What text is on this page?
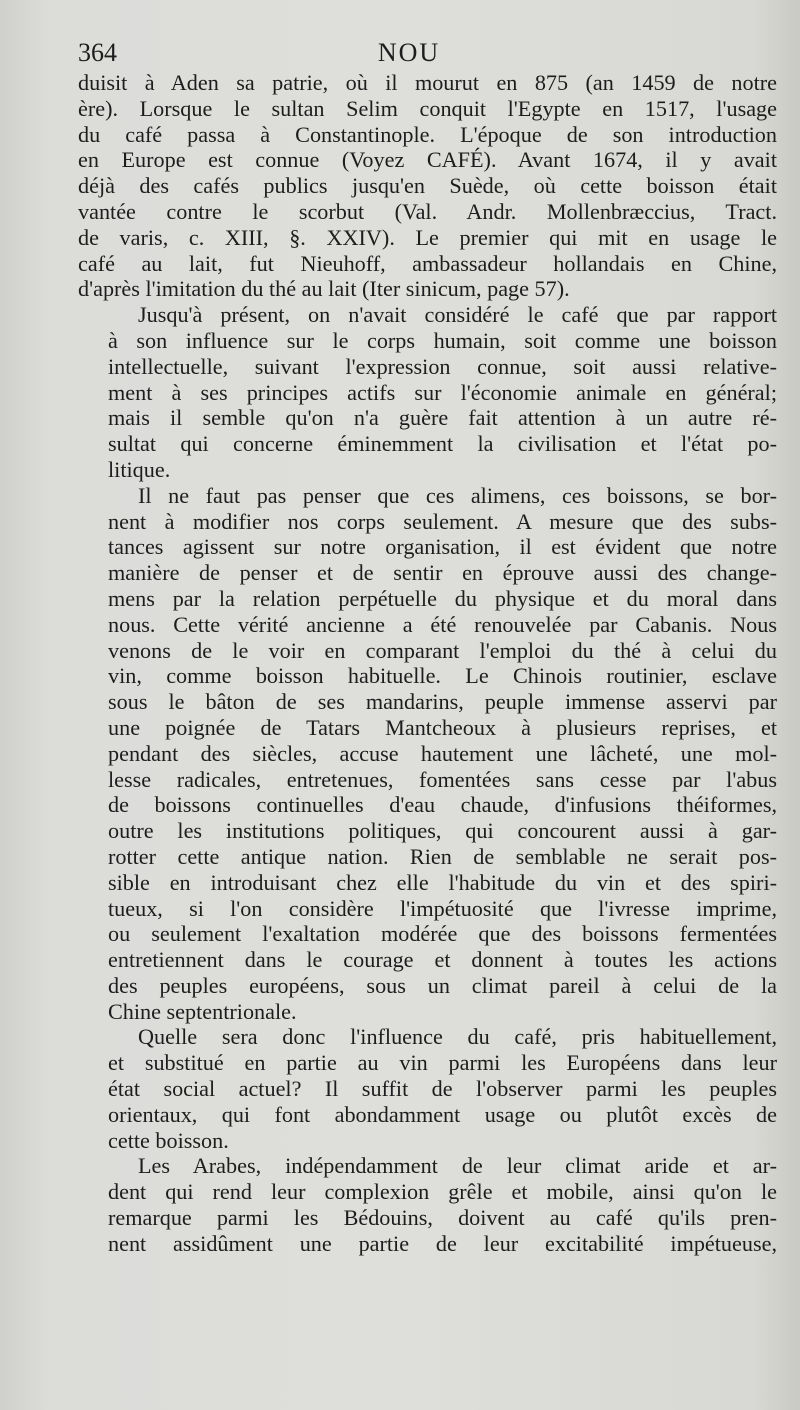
364	NOU

duisit à Aden sa patrie, où il mourut en 875 (an 1459 de notre
ère). Lorsque le sultan Selim conquit l'Egypte en 1517, l'usage
du café passa à Constantinople. L'époque de son introduction
en Europe est connue (Voyez CAFÉ). Avant 1674, il y avait
déjà des cafés publics jusqu'en Suède, où cette boisson était
vantée contre le scorbut (Val. Andr. Mollenbræccius, Tract.
de varis, c. XIII, §. XXIV). Le premier qui mit en usage le
café au lait, fut Nieuhoff, ambassadeur hollandais en Chine,
d'après l'imitation du thé au lait (Iter sinicum, page 57).

Jusqu'à présent, on n'avait considéré le café que par rapport
à son influence sur le corps humain, soit comme une boisson
intellectuelle, suivant l'expression connue, soit aussi relative-
ment à ses principes actifs sur l'économie animale en général;
mais il semble qu'on n'a guère fait attention à un autre ré-
sultat qui concerne éminemment la civilisation et l'état po-
litique.

Il ne faut pas penser que ces alimens, ces boissons, se bor-
nent à modifier nos corps seulement. A mesure que des subs-
tances agissent sur notre organisation, il est évident que notre
manière de penser et de sentir en éprouve aussi des change-
mens par la relation perpétuelle du physique et du moral dans
nous. Cette vérité ancienne a été renouvelée par Cabanis. Nous
venons de le voir en comparant l'emploi du thé à celui du
vin, comme boisson habituelle. Le Chinois routinier, esclave
sous le bâton de ses mandarins, peuple immense asservi par
une poignée de Tatars Mantcheoux à plusieurs reprises, et
pendant des siècles, accuse hautement une lâcheté, une mol-
lesse radicales, entretenues, fomentées sans cesse par l'abus
de boissons continuelles d'eau chaude, d'infusions théiformes,
outre les institutions politiques, qui concourent aussi à gar-
rotter cette antique nation. Rien de semblable ne serait pos-
sible en introduisant chez elle l'habitude du vin et des spiri-
tueux, si l'on considère l'impétuosité que l'ivresse imprime,
ou seulement l'exaltation modérée que des boissons fermentées
entretiennent dans le courage et donnent à toutes les actions
des peuples européens, sous un climat pareil à celui de la
Chine septentrionale.

Quelle sera donc l'influence du café, pris habituellement,
et substitué en partie au vin parmi les Européens dans leur
état social actuel? Il suffit de l'observer parmi les peuples
orientaux, qui font abondamment usage ou plutôt excès de
cette boisson.

Les Arabes, indépendamment de leur climat aride et ar-
dent qui rend leur complexion grêle et mobile, ainsi qu'on le
remarque parmi les Bédouins, doivent au café qu'ils pren-
nent assidûment une partie de leur excitabilité impétueuse,
